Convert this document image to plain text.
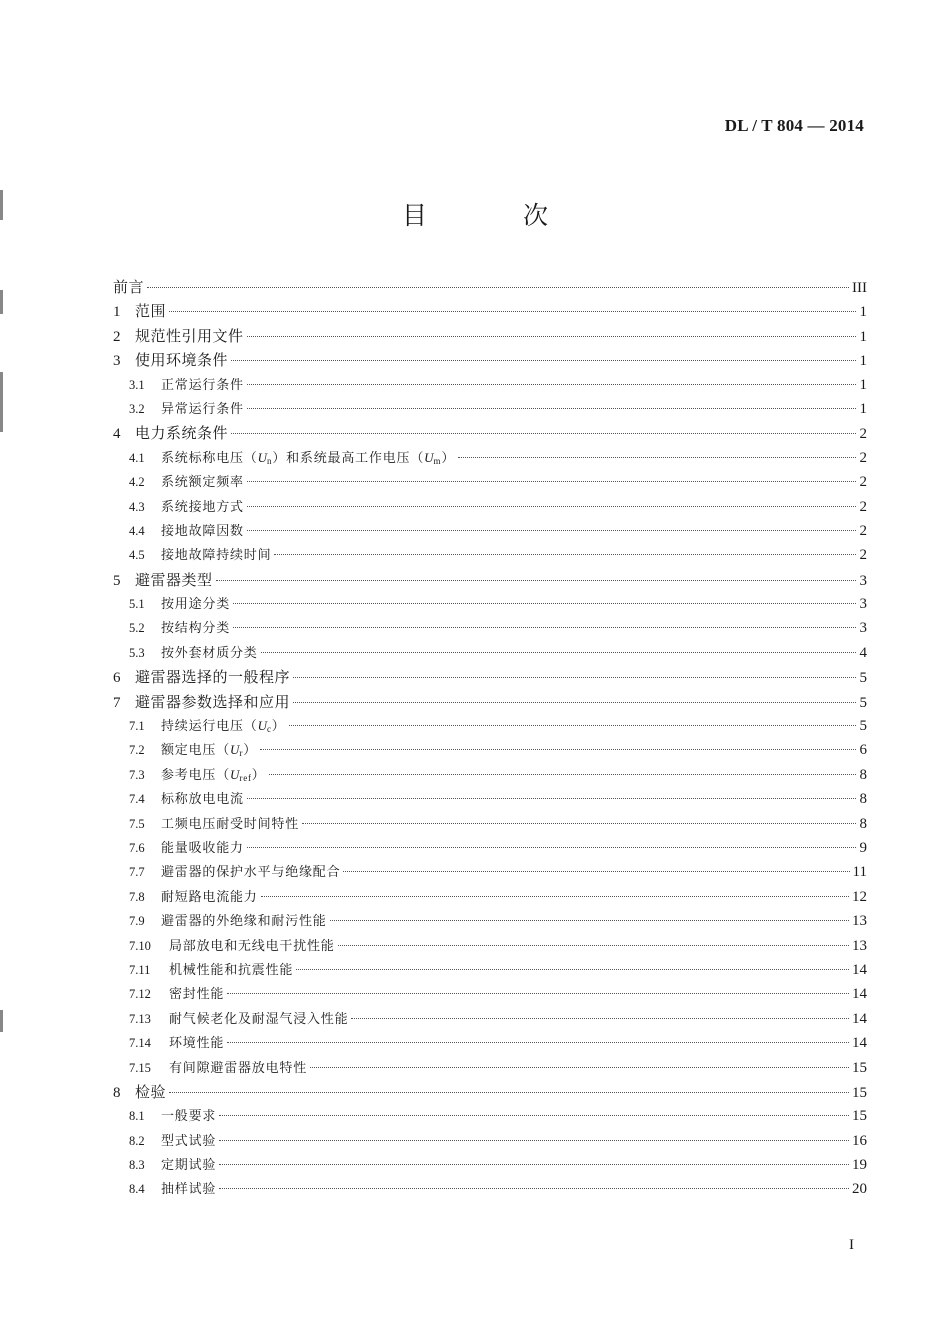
DL / T 804 — 2014
目 次
前言	III
1 范围	1
2 规范性引用文件	1
3 使用环境条件	1
3.1	正常运行条件	1
3.2	异常运行条件	1
4 电力系统条件	2
4.1	系统标称电压$(U_n)$和系统最高工作电压$(U_m)$	2
4.2	系统额定频率	2
4.3	系统接地方式	2
4.4	接地故障因数	2
4.5	接地故障持续时间	2
5 避雷器类型	3
5.1	按用途分类	3
5.2	按结构分类	3
5.3	按外套材质分类	4
6 避雷器选择的一般程序	5
7 避雷器参数选择和应用	5
7.1	持续运行电压$(U_c)$	5
7.2	额定电压$(U_r)$	6
7.3	参考电压$(U_{ref})$	8
7.4	标称放电电流	8
7.5	工频电压耐受时间特性	8
7.6	能量吸收能力	9
7.7	避雷器的保护水平与绝缘配合	11
7.8	耐短路电流能力	12
7.9	避雷器的外绝缘和耐污性能	13
7.10	局部放电和无线电干扰性能	13
7.11	机械性能和抗震性能	14
7.12	密封性能	14
7.13	耐气候老化及耐湿气浸入性能	14
7.14	环境性能	14
7.15	有间隙避雷器放电特性	15
8 检验	15
8.1	一般要求	15
8.2	型式试验	16
8.3	定期试验	19
8.4	抽样试验	20
I
